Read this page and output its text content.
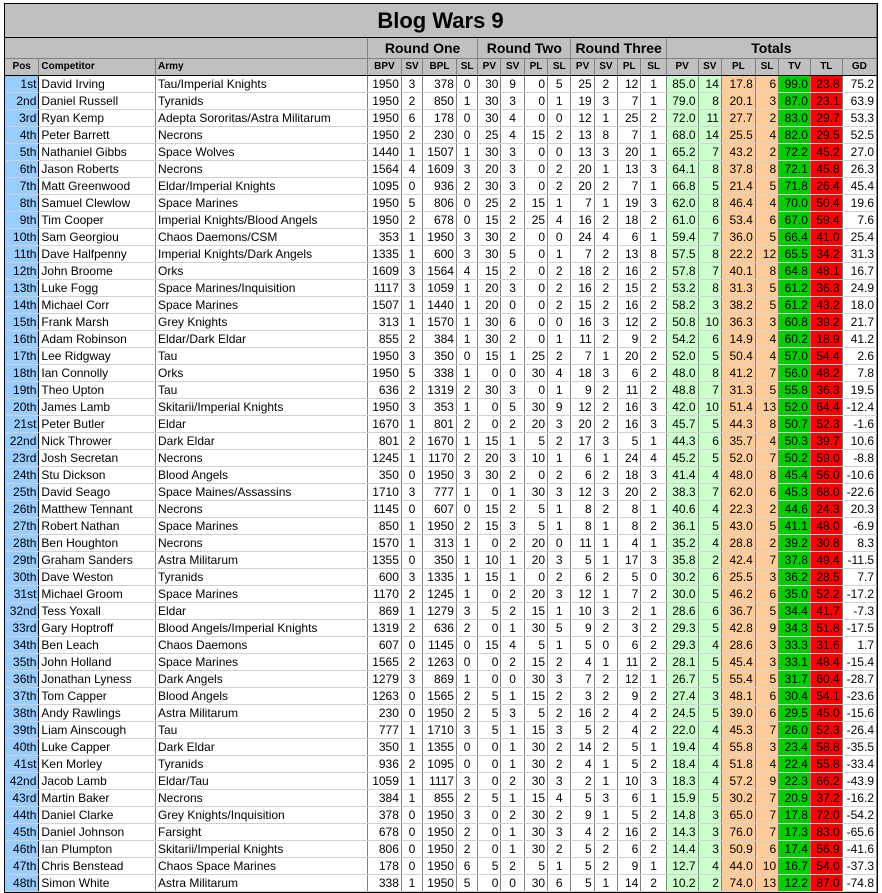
Blog Wars 9																					
			Round One				Round Two				Round Three				Totals						
Pos	Competitor	Army	BPV	SV	BPL	SL	PV	SV	PL	SL	PV	SV	PL	SL	PV	SV	PL	SL	TV	TL	GD
1st	David Irving	Tau/Imperial Knights	1950	3	378	0	30	9	0	5	25	2	12	1	85.0	14	17.8	6	99.0	23.8	75.2
2nd	Daniel Russell	Tyranids	1950	2	850	1	30	3	0	1	19	3	7	1	79.0	8	20.1	3	87.0	23.1	63.9
3rd	Ryan Kemp	Adepta Sororitas/Astra Militarum	1950	6	178	0	30	4	0	0	12	1	25	2	72.0	11	27.7	2	83.0	29.7	53.3
4th	Peter Barrett	Necrons	1950	2	230	0	25	4	15	2	13	8	7	1	68.0	14	25.5	4	82.0	29.5	52.5
5th	Nathaniel Gibbs	Space Wolves	1440	1	1507	1	30	3	0	0	13	3	20	1	65.2	7	43.2	2	72.2	45.2	27.0
6th	Jason Roberts	Necrons	1564	4	1609	3	20	3	0	2	20	1	13	3	64.1	8	37.8	8	72.1	45.8	26.3
7th	Matt Greenwood	Eldar/Imperial Knights	1095	0	936	2	30	3	0	2	20	2	7	1	66.8	5	21.4	5	71.8	26.4	45.4
8th	Samuel Clewlow	Space Marines	1950	5	806	0	25	2	15	1	7	1	19	3	62.0	8	46.4	4	70.0	50.4	19.6
9th	Tim Cooper	Imperial Knights/Blood Angels	1950	2	678	0	15	2	25	4	16	2	18	2	61.0	6	53.4	6	67.0	59.4	7.6
10th	Sam Georgiou	Chaos Daemons/CSM	353	1	1950	3	30	2	0	0	24	4	6	1	59.4	7	36.0	5	66.4	41.0	25.4
11th	Dave Halfpenny	Imperial Knights/Dark Angels	1335	1	600	3	30	5	0	1	7	2	13	8	57.5	8	22.2	12	65.5	34.2	31.3
12th	John Broome	Orks	1609	3	1564	4	15	2	0	2	18	2	16	2	57.8	7	40.1	8	64.8	48.1	16.7
13th	Luke Fogg	Space Marines/Inquisition	1117	3	1059	1	20	3	0	2	16	2	15	2	53.2	8	31.3	5	61.2	36.3	24.9
14th	Michael Corr	Space Marines	1507	1	1440	1	20	0	0	2	15	2	16	2	58.2	3	38.2	5	61.2	43.2	18.0
15th	Frank Marsh	Grey Knights	313	1	1570	1	30	6	0	0	16	3	12	2	50.8	10	36.3	3	60.8	39.2	21.7
16th	Adam Robinson	Eldar/Dark Eldar	855	2	384	1	30	2	0	1	11	2	9	2	54.2	6	14.9	4	60.2	18.9	41.2
17th	Lee Ridgway	Tau	1950	3	350	0	15	1	25	2	7	1	20	2	52.0	5	50.4	4	57.0	54.4	2.6
18th	Ian Connolly	Orks	1950	5	338	1	0	0	30	4	18	3	6	2	48.0	8	41.2	7	56.0	48.2	7.8
19th	Theo Upton	Tau	636	2	1319	2	30	3	0	1	9	2	11	2	48.8	7	31.3	5	55.8	36.3	19.5
20th	James Lamb	Skitarii/Imperial Knights	1950	3	353	1	0	5	30	9	12	2	16	3	42.0	10	51.4	13	52.0	64.4	-12.4
21st	Peter Butler	Eldar	1670	1	801	2	0	2	20	3	20	2	16	3	45.7	5	44.3	8	50.7	52.3	-1.6
22nd	Nick Thrower	Dark Eldar	801	2	1670	1	15	1	5	2	17	3	5	1	44.3	6	35.7	4	50.3	39.7	10.6
23rd	Josh Secretan	Necrons	1245	1	1170	2	20	3	10	1	6	1	24	4	45.2	5	52.0	7	50.2	59.0	-8.8
24th	Stu Dickson	Blood Angels	350	0	1950	3	30	2	0	2	6	2	18	3	41.4	4	48.0	8	45.4	56.0	-10.6
25th	David Seago	Space Maines/Assassins	1710	3	777	1	0	1	30	3	12	3	20	2	38.3	7	62.0	6	45.3	68.0	-22.6
26th	Matthew Tennant	Necrons	1145	0	607	0	15	2	5	1	8	2	8	1	40.6	4	22.3	2	44.6	24.3	20.3
27th	Robert Nathan	Space Marines	850	1	1950	2	15	3	5	1	8	1	8	2	36.1	5	43.0	5	41.1	48.0	-6.9
28th	Ben Houghton	Necrons	1570	1	313	1	0	2	20	0	11	1	4	1	35.2	4	28.8	2	39.2	30.8	8.3
29th	Graham Sanders	Astra Militarum	1355	0	350	1	10	1	20	3	5	1	17	3	35.8	2	42.4	7	37.8	49.4	-11.5
30th	Dave Weston	Tyranids	600	3	1335	1	15	1	0	2	6	2	5	0	30.2	6	25.5	3	36.2	28.5	7.7
31st	Michael Groom	Space Marines	1170	2	1245	1	0	2	20	3	12	1	7	2	30.0	5	46.2	6	35.0	52.2	-17.2
32nd	Tess Yoxall	Eldar	869	1	1279	3	5	2	15	1	10	3	2	1	28.6	6	36.7	5	34.4	41.7	-7.3
33rd	Gary Hoptroff	Blood Angels/Imperial Knights	1319	2	636	2	0	1	30	5	9	2	3	2	29.3	5	42.8	9	34.3	51.8	-17.5
34th	Ben Leach	Chaos Daemons	607	0	1145	0	15	4	5	1	5	0	6	2	29.3	4	28.6	3	33.3	31.6	1.7
35th	John Holland	Space Marines	1565	2	1263	0	0	2	15	2	4	1	11	2	28.1	5	45.4	3	33.1	48.4	-15.4
36th	Jonathan Lyness	Dark Angels	1279	3	869	1	0	0	30	3	7	2	12	1	26.7	5	55.4	5	31.7	60.4	-28.7
37th	Tom Capper	Blood Angels	1263	0	1565	2	5	1	15	2	3	2	9	2	27.4	3	48.1	6	30.4	54.1	-23.6
38th	Andy Rawlings	Astra Militarum	230	0	1950	2	5	3	5	2	16	2	4	2	24.5	5	39.0	6	29.5	45.0	-15.6
39th	Liam Ainscough	Tau	777	1	1710	3	5	1	15	3	5	2	4	2	22.0	4	45.3	7	26.0	52.3	-26.4
40th	Luke Capper	Dark Eldar	350	1	1355	0	0	1	30	2	14	2	5	1	19.4	4	55.8	3	23.4	58.8	-35.5
41st	Ken Morley	Tyranids	936	2	1095	0	0	1	30	2	4	1	5	2	18.4	4	51.8	4	22.4	55.8	-33.4
42nd	Jacob Lamb	Eldar/Tau	1059	1	1117	3	0	2	30	3	2	1	10	3	18.3	4	57.2	9	22.3	66.2	-43.9
43rd	Martin Baker	Necrons	384	1	855	2	5	1	15	4	5	3	6	1	15.9	5	30.2	7	20.9	37.2	-16.2
44th	Daniel Clarke	Grey Knights/Inquisition	378	0	1950	3	0	2	30	2	9	1	5	2	14.8	3	65.0	7	17.8	72.0	-54.2
45th	Daniel Johnson	Farsight	678	0	1950	2	0	1	30	3	4	2	16	2	14.3	3	76.0	7	17.3	83.0	-65.6
46th	Ian Plumpton	Skitarii/Imperial Knights	806	0	1950	2	0	1	30	2	5	2	6	2	14.4	3	50.9	6	17.4	56.9	-41.6
47th	Chris Benstead	Chaos Space Marines	178	0	1950	6	5	2	5	1	5	2	9	1	12.7	4	44.0	10	16.7	54.0	-37.3
48th	Simon White	Astra Militarum	338	1	1950	5	0	0	30	6	5	1	14	2	10.2	2	74.0	13	12.2	87.0	-74.8
